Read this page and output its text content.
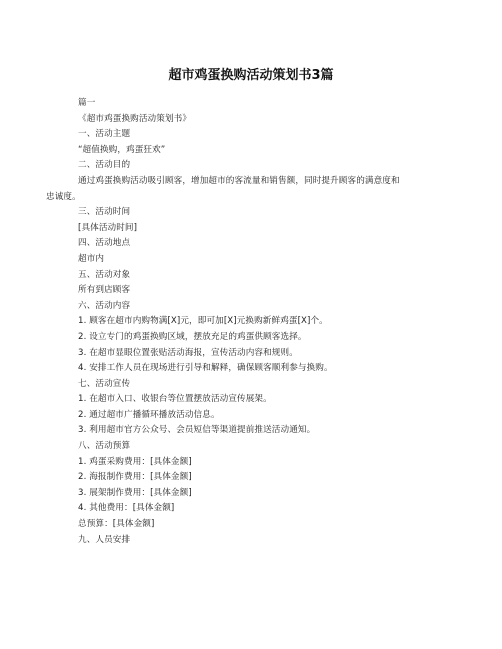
超市鸡蛋换购活动策划书3篇
篇一
《超市鸡蛋换购活动策划书》
一、活动主题
“超值换购，鸡蛋狂欢”
二、活动目的
通过鸡蛋换购活动吸引顾客，增加超市的客流量和销售额，同时提升顾客的满意度和
忠诚度。
三、活动时间
[具体活动时间]
四、活动地点
超市内
五、活动对象
所有到店顾客
六、活动内容
1. 顾客在超市内购物满[X]元，即可加[X]元换购新鲜鸡蛋[X]个。
2. 设立专门的鸡蛋换购区域，摆放充足的鸡蛋供顾客选择。
3. 在超市显眼位置张贴活动海报，宣传活动内容和规则。
4. 安排工作人员在现场进行引导和解释，确保顾客顺利参与换购。
七、活动宣传
1. 在超市入口、收银台等位置摆放活动宣传展架。
2. 通过超市广播循环播放活动信息。
3. 利用超市官方公众号、会员短信等渠道提前推送活动通知。
八、活动预算
1. 鸡蛋采购费用：[具体金额]
2. 海报制作费用：[具体金额]
3. 展架制作费用：[具体金额]
4. 其他费用：[具体金额]
总预算：[具体金额]
九、人员安排
